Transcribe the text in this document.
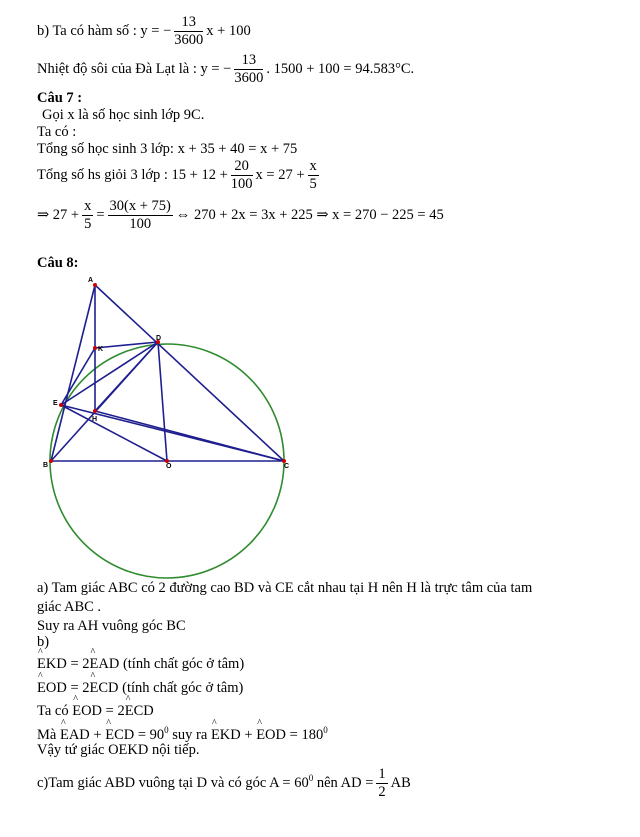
b) Ta có hàm số : y = − $\frac{13}{3600}$ x + 100
Nhiệt độ sôi của Đà Lạt là : y = − $\frac{13}{3600}$ . 1500 + 100 = 94.583°C.
Câu 7 :
Gọi x là số học sinh lớp 9C.
Ta có :
Tổng số học sinh 3 lớp: x + 35 + 40 = x + 75
Tổng số hs giỏi 3 lớp : $15 + 12 + \frac{20}{100}$ $x = 27 + \frac{x}{5}$
⇒ $27 + \frac{x}{5} = \frac{30(x + 75)}{100}$ ⇔ 270 + 2x = 3x + 225 ⇒ x = 270 − 225 = 45
Câu 8:
A
D
K
E
H
B	O	C
a) Tam giác ABC có 2 đường cao BD và CE cắt nhau tại H nên H là trực tâm của tam
giác ABC .
Suy ra AH vuông góc BC
b)
^ EKD = 2^ EAD (tính chất góc ở tâm)
^ EOD = 2^ ECD (tính chất góc ở tâm)
Ta có ^ EOD = 2^ ECD
Mà ^ EAD + ^ ECD = $90^0$ suy ra ^ EKD + ^ EOD = $180^0$
Vậy tứ giác OEKD nội tiếp.
c)Tam giác ABD vuông tại D và có góc $A = 60^0$ nên AD = $\frac{1}{2}$ AB
